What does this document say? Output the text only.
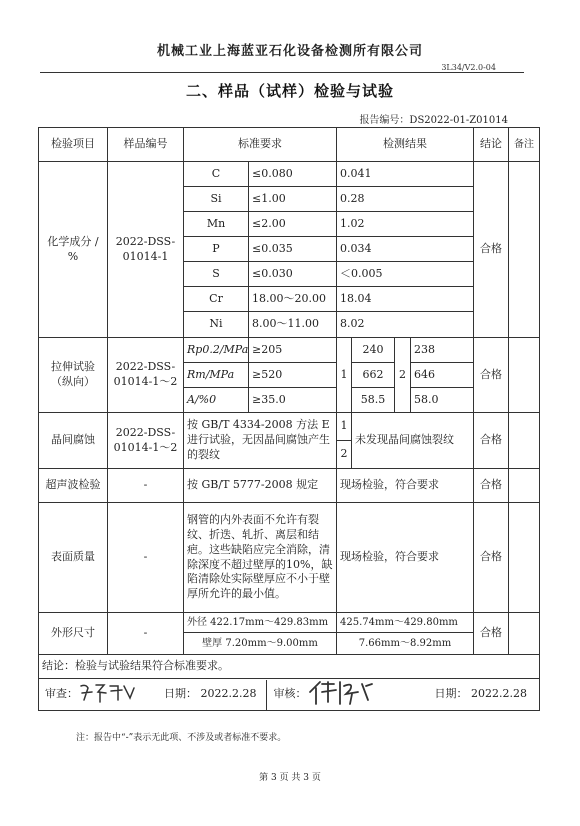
机械工业上海蓝亚石化设备检测所有限公司
3L34/V2.0-04
二、样品（试样）检验与试验
报告编号：DS2022-01-Z01014
检验项目	样品编号	标准要求		检测结果				结论	备注
化学成分 / %	2022-DSS-01014-1	C	≤0.080	0.041				合格	
		Si	≤1.00	0.28					
		Mn	≤2.00	1.02					
		P	≤0.035	0.034					
		S	≤0.030	＜0.005					
		Cr	18.00～20.00	18.04					
		Ni	8.00～11.00	8.02					
拉伸试验（纵向）	2022-DSS-01014-1～2	Rp0.2/MPa	≥205	1	240	2	238	合格	
		Rm/MPa	≥520		662		646		
		A/%0	≥35.0		58.5		58.0		
晶间腐蚀	2022-DSS-01014-1～2	按 GB/T 4334-2008 方法 E 进行试验，无因晶间腐蚀产生的裂纹		1	未发现晶间腐蚀裂纹			合格	
				2					
超声波检验	-	按 GB/T 5777-2008 规定		现场检验，符合要求				合格	
表面质量	-	钢管的内外表面不允许有裂纹、折迭、轧折、离层和结疤。这些缺陷应完全消除，清除深度不超过壁厚的10%，缺陷清除处实际壁厚应不小于壁厚所允许的最小值。		现场检验，符合要求				合格	
外形尺寸	-	外径 422.17mm～429.83mm		425.74mm～429.80mm				合格	
		壁厚 7.20mm～9.00mm		7.66mm～8.92mm					
结论：检验与试验结果符合标准要求。									

审查： 日期： 2022.2.28 审核： 日期： 2022.2.28									
注：报告中“-”表示无此项、不涉及或者标准不要求。
第 3 页 共 3 页
